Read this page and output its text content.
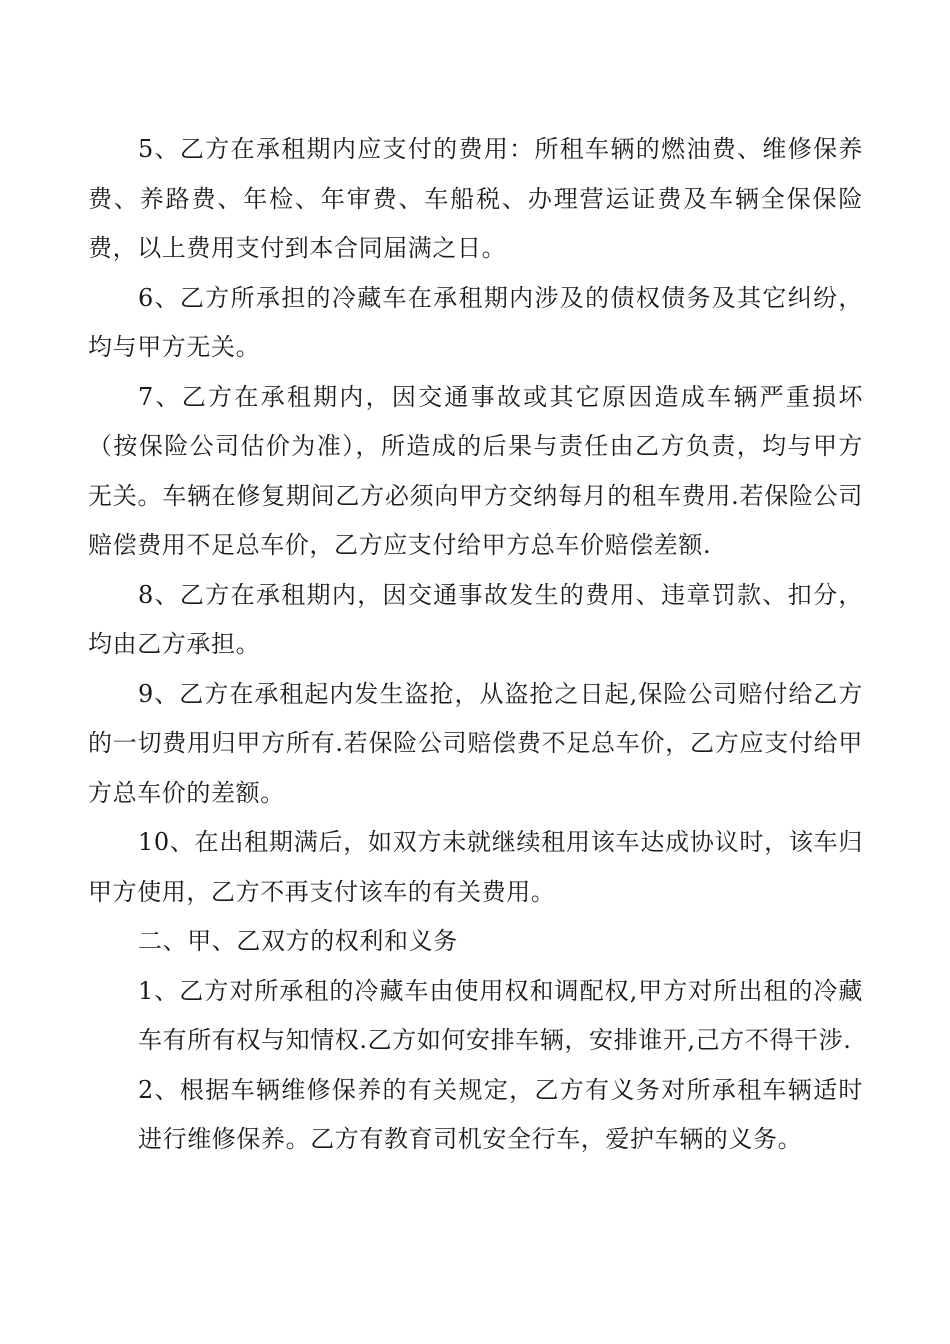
5、乙方在承租期内应支付的费用：所租车辆的燃油费、维修保养费、养路费、年检、年审费、车船税、办理营运证费及车辆全保保险费，以上费用支付到本合同届满之日。

6、乙方所承担的冷藏车在承租期内涉及的债权债务及其它纠纷，均与甲方无关。

7、乙方在承租期内，因交通事故或其它原因造成车辆严重损坏（按保险公司估价为准），所造成的后果与责任由乙方负责，均与甲方无关。车辆在修复期间乙方必须向甲方交纳每月的租车费用.若保险公司赔偿费用不足总车价，乙方应支付给甲方总车价赔偿差额.

8、乙方在承租期内，因交通事故发生的费用、违章罚款、扣分，均由乙方承担。

9、乙方在承租起内发生盗抢，从盗抢之日起,保险公司赔付给乙方的一切费用归甲方所有.若保险公司赔偿费不足总车价，乙方应支付给甲方总车价的差额。

10、在出租期满后，如双方未就继续租用该车达成协议时，该车归甲方使用，乙方不再支付该车的有关费用。

二、甲、乙双方的权利和义务

1、乙方对所承租的冷藏车由使用权和调配权,甲方对所出租的冷藏车有所有权与知情权.乙方如何安排车辆，安排谁开,己方不得干涉.

2、根据车辆维修保养的有关规定，乙方有义务对所承租车辆适时进行维修保养。乙方有教育司机安全行车，爱护车辆的义务。
